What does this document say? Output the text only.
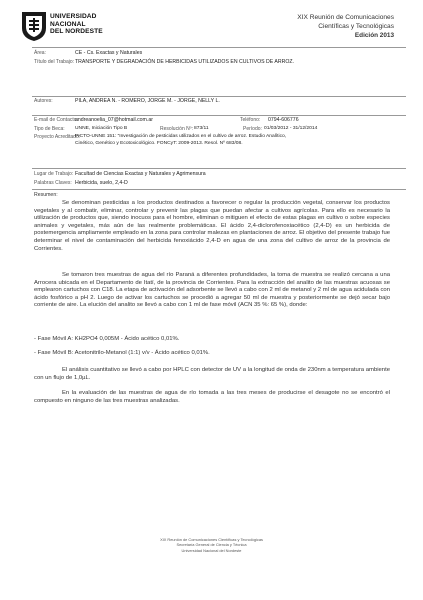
UNIVERSIDAD
NACIONAL
DEL NORDESTE
XIX Reunión de Comunicaciones
Científicas y Tecnológicas
Edición 2013
Área:	CE - Cs. Exactas y Naturales
Título del Trabajo: TRANSPORTE Y DEGRADACIÓN DE HERBICIDAS UTILIZADOS EN CULTIVOS DE ARROZ.
Autores:	PILA, ANDREA N. - ROMERO, JORGE M. - JORGE, NELLY L.
E-mail de Contacto:
andreanoelia_07@hotmail.com.ar	Teléfono: 0794-606776
Tipo de Beca: UNNE, Iniciación Tipo B	Resolución Nº: 873/11	Período: 01/03/2012 - 31/12/2014
Proyecto Acreditado:
PICTO-UNNE 151: “Investigación de pesticidas utilizados en el cultivo de arroz. Estudio Analítico,
Cinético, Genético y Ecotoxicológico. FONCyT: 2009-2013. Resol. Nº 683/08.
Lugar de Trabajo: Facultad de Ciencias Exactas y Naturales y Agrimensura
Palabras Claves: Herbicida, suelo, 2,4-D
Resumen:
Se denominan pesticidas a los productos destinados a favorecer o regular la producción vegetal, conservar los productos vegetales y al combatir, eliminar, controlar y prevenir las plagas que puedan afectar a cultivos agrícolas. Para ello es necesario la utilización de productos que, siendo inocuos para el hombre, eliminan o mitiguen el efecto de estas plagas en cultivo o sobre especies animales y vegetales, más aún de las realmente problemáticas. El ácido 2,4-diclorofenoxiacético (2,4-D) es un herbicida de postemergencia ampliamente empleado en la zona para controlar malezas en plantaciones de arroz. El objetivo del presente trabajo fue determinar el nivel de contaminación del herbicida fenoxiácido 2,4-D en agua de una zona del cultivo de arroz de la provincia de Corrientes.
Se tomaron tres muestras de agua del río Paraná a diferentes profundidades, la toma de muestra se realizó cercana a una Arrocera ubicada en el Departamento de Itatí, de la provincia de Corrientes. Para la extracción del analito de las muestras acuosas se emplearon cartuchos con C18. La etapa de activación del adsorbente se llevó a cabo con 2 ml de metanol y 2 ml de agua acidulada con ácido fosfórico a pH 2. Luego de activar los cartuchos se procedió a agregar 50 ml de muestra y posteriormente se dejó secar bajo corriente de aire. La elución del analito se llevó a cabo con 1 ml de fase móvil (ACN 35 %: 65 %), donde:
- Fase Móvil A: KH2PO4 0,005M - Ácido acético 0,01%.
- Fase Móvil B: Acetonitrilo-Metanol (1:1) v/v - Ácido acético 0,01%.
El análisis cuantitativo se llevó a cabo por HPLC con detector de UV a la longitud de onda de 230nm a temperatura ambiente con un flujo de 1,0µL.
En la evaluación de las muestras de agua de río tomada a las tres meses de producirse el desagote no se encontró el compuesto en ninguno de las tres muestras analizadas.
XIX Reunión de Comunicaciones Científicas y Tecnológicas
Secretaría General de Ciencia y Técnica
Universidad Nacional del Nordeste
